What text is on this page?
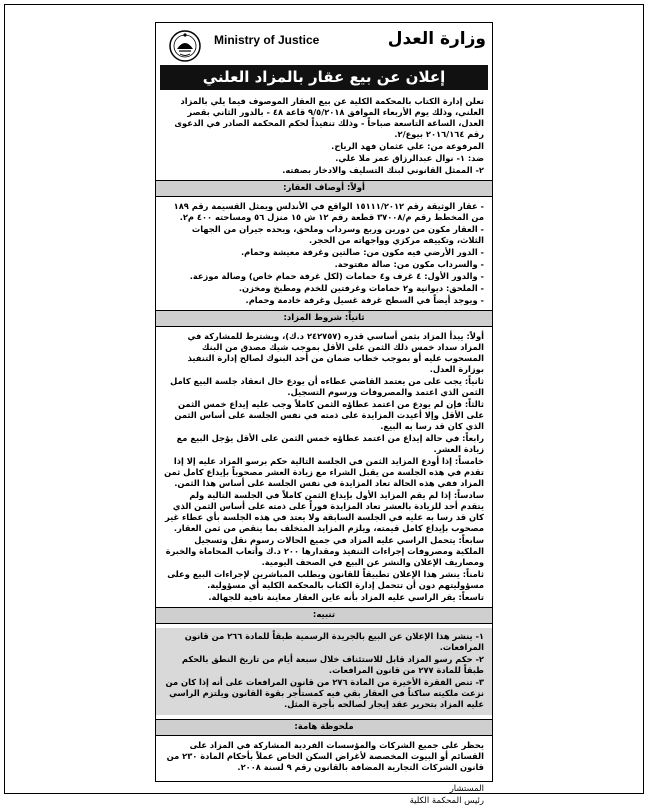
وزارة العدل
Ministry of Justice
إعلان عن بيع عقار بالمزاد العلني
تعلن إدارة الكتاب بالمحكمة الكلية عن بيع العقار الموصوف فيما يلي بالمزاد العلني، وذلك يوم الأربعاء الموافق ٩/٥/٢٠١٨ قاعة ٤٨ - بالدور الثاني بقصر العدل، الساعة التاسعة صباحاً - وذلك تنفيذاً لحكم المحكمة الصادر في الدعوى رقم ٢٠١٦/١٦٤ بيوع/٢.
المرفوعة من: علي عثمان فهد الرباح.
ضد: ١- نوال عبدالرزاق عمر ملا علي.
٢- الممثل القانوني لبنك التسليف والادخار بصفته.
أولاً: أوصاف العقار:
- عقار الوثيقة رقم ١٥١١١/٢٠١٢ الواقع في الأندلس ويمثل القسيمة رقم ١٨٩ من المخطط رقم م/٣٧٠٠٨ قطعة رقم ١٢ ش ١٥ منزل ٥٦ ومساحته ٤٠٠ م٢.
- العقار مكون من دورين وربع وسرداب وملحق، ويحده جيران من الجهات الثلاث، وتكييفه مركزي وواجهاته من الحجر.
- الدور الأرضي فيه مكون من: صالتين وغرفة معيشة وحمام.
- والسرداب مكون من: صالة مفتوحة.
- والدور الأول: ٤ غرف و٤ حمامات (لكل غرفة حمام خاص) وصالة موزعة.
- الملحق: ديوانية و٢ حمامات وغرفتين للخدم ومطبخ ومخزن.
- ويوجد أيضاً في السطح غرفة غسيل وغرفة خادمة وحمام.
ثانياً: شروط المزاد:
أولاً: يبدأ المزاد بثمن أساسي قدره (٢٤٢٧٥٧ د.ك)، ويشترط للمشاركة في المزاد سداد خمس ذلك الثمن على الأقل بموجب شيك مصدق من البنك المسحوب عليه أو بموجب خطاب ضمان من أحد البنوك لصالح إدارة التنفيذ بوزارة العدل.
ثانياً: يجب على من يعتمد القاضي عطاءه أن يودع حال انعقاد جلسة البيع كامل الثمن الذي اعتمد والمصروفات ورسوم التسجيل.
ثالثاً: فإن لم يودع من اعتمد عطاؤه الثمن كاملاً وجب عليه إيداع خمس الثمن على الأقل وإلا أعيدت المزايدة على ذمته في نفس الجلسة على أساس الثمن الذي كان قد رسا به البيع.
رابعاً: في حالة إيداع من اعتمد عطاؤه خمس الثمن على الأقل يؤجل البيع مع زيادة العشر.
خامساً: إذا أودع المزايد الثمن في الجلسة التالية حكم برسو المزاد عليه إلا إذا تقدم في هذه الجلسة من يقبل الشراء مع زيادة العشر مصحوباً بإيداع كامل ثمن المزاد ففي هذه الحالة تعاد المزايدة في نفس الجلسة على أساس هذا الثمن.
سادساً: إذا لم يقم المزايد الأول بإيداع الثمن كاملاً في الجلسة التالية ولم يتقدم أحد للزيادة بالعشر تعاد المزايدة فوراً على ذمته على أساس الثمن الذي كان قد رسا به عليه في الجلسة السابقة ولا يعتد في هذه الجلسة بأي عطاء غير مصحوب بإيداع كامل قيمته، ويلزم المزايد المتخلف بما ينقص من ثمن العقار.
سابعاً: يتحمل الراسي عليه المزاد في جميع الحالات رسوم نقل وتسجيل الملكية ومصروفات إجراءات التنفيذ ومقدارها ٢٠٠ د.ك وأتعاب المحاماة والخبرة ومصاريف الإعلان والنشر عن البيع في الصحف اليومية.
ثامناً: ينشر هذا الإعلان تطبيقاً للقانون ويطلب المباشرين لإجراءات البيع وعلى مسؤوليتهم دون أن تتحمل إدارة الكتاب بالمحكمة الكلية أي مسؤولية.
تاسعاً: يقر الراسي عليه المزاد بأنه عاين العقار معاينة نافية للجهالة.
تنبيه:
١- ينشر هذا الإعلان عن البيع بالجريدة الرسمية طبقاً للمادة ٢٦٦ من قانون المرافعات.
٢- حكم رسو المزاد قابل للاستئناف خلال سبعة أيام من تاريخ النطق بالحكم طبقاً للمادة ٢٧٧ من قانون المرافعات.
٣- تنص الفقرة الأخيرة من المادة ٢٧٦ من قانون المرافعات على أنه إذا كان من نزعت ملكيته ساكناً في العقار بقي فيه كمستأجر بقوة القانون ويلتزم الراسي عليه المزاد بتحرير عقد إيجار لصالحه بأجرة المثل.
ملحوظة هامة:
يحظر على جميع الشركات والمؤسسات الفردية المشاركة في المزاد على القسائم أو البيوت المخصصة لأغراض السكن الخاص عملاً بأحكام المادة ٢٣٠ من قانون الشركات التجارية المضافة بالقانون رقم ٩ لسنة ٢٠٠٨.
المستشار
رئيس المحكمة الكلية
